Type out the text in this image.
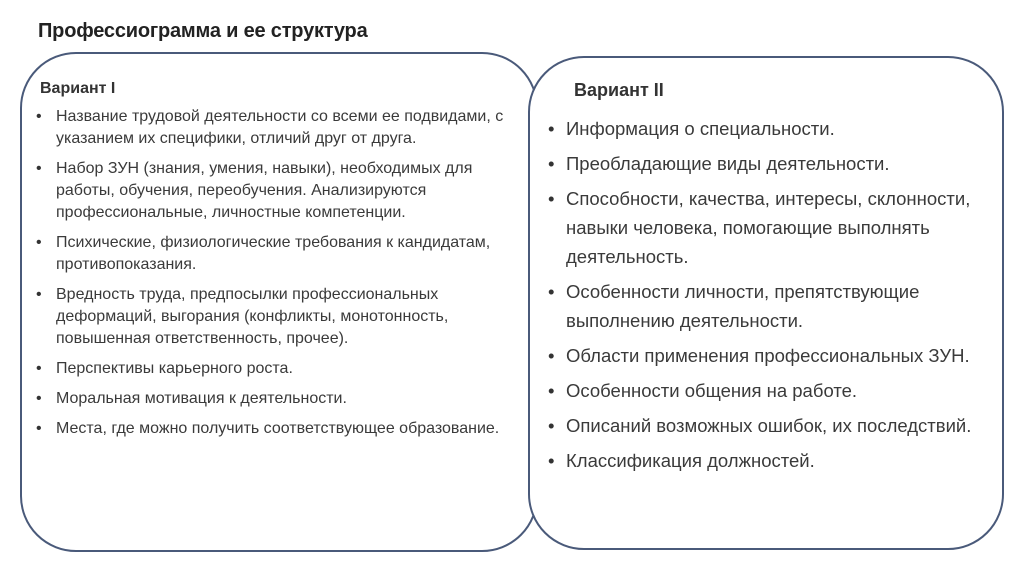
Профессиограмма и ее структура
Вариант I
• Название трудовой деятельности со всеми ее подвидами, с указанием их специфики, отличий друг от друга.
• Набор ЗУН (знания, умения, навыки), необходимых для работы, обучения, переобучения. Анализируются профессиональные, личностные компетенции.
• Психические, физиологические требования к кандидатам, противопоказания.
• Вредность труда, предпосылки профессиональных деформаций, выгорания (конфликты, монотонность, повышенная ответственность, прочее).
• Перспективы карьерного роста.
• Моральная мотивация к деятельности.
• Места, где можно получить соответствующее образование.
Вариант II
• Информация о специальности.
• Преобладающие виды деятельности.
• Способности, качества, интересы, склонности, навыки человека, помогающие выполнять деятельность.
• Особенности личности, препятствующие выполнению деятельности.
• Области применения профессиональных ЗУН.
• Особенности общения на работе.
• Описаний возможных ошибок, их последствий.
• Классификация должностей.
